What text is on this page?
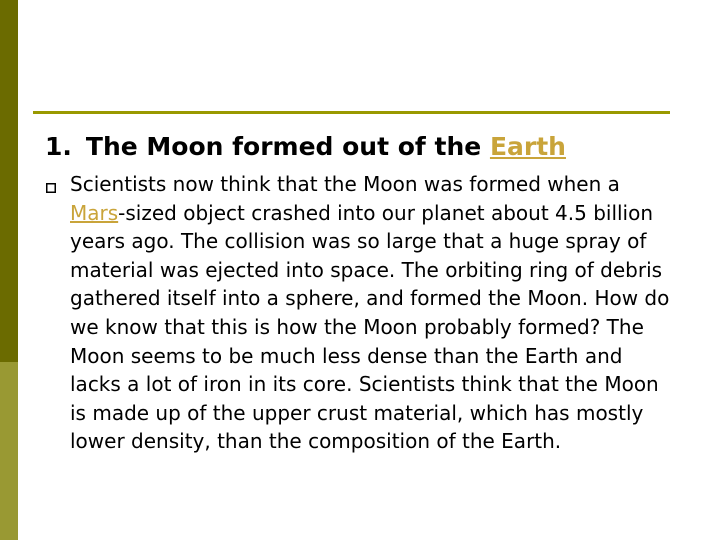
1. The Moon formed out of the Earth

Scientists now think that the Moon was formed when a Mars-sized object crashed into our planet about 4.5 billion years ago. The collision was so large that a huge spray of material was ejected into space. The orbiting ring of debris gathered itself into a sphere, and formed the Moon. How do we know that this is how the Moon probably formed? The Moon seems to be much less dense than the Earth and lacks a lot of iron in its core. Scientists think that the Moon is made up of the upper crust material, which has mostly lower density, than the composition of the Earth.
